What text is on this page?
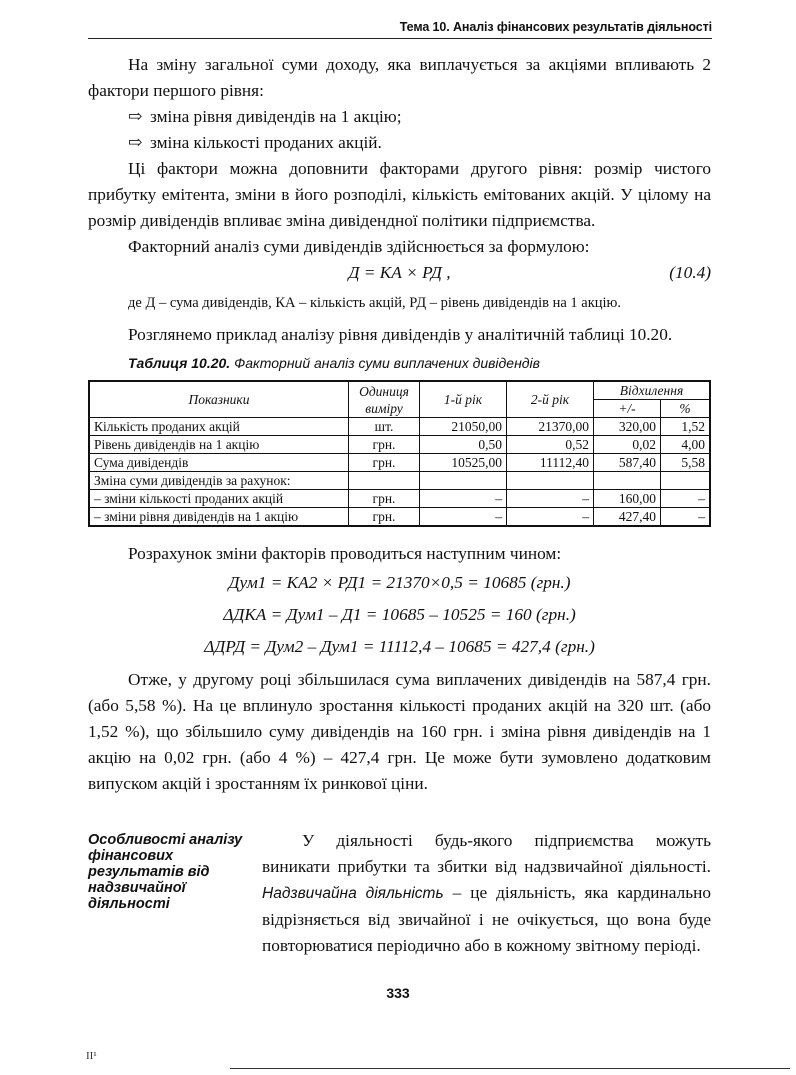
Тема 10. Аналіз фінансових результатів діяльності

На зміну загальної суми доходу, яка виплачується за акціями впливають 2 фактори першого рівня:

⇨ зміна рівня дивідендів на 1 акцію;

⇨ зміна кількості проданих акцій.

Ці фактори можна доповнити факторами другого рівня: розмір чистого прибутку емітента, зміни в його розподілі, кількість емітованих акцій. У цілому на розмір дивідендів впливає зміна дивідендної політики підприємства.

Факторний аналіз суми дивідендів здійснюється за формулою:

Д = КА × РД ,	(10.4)

де Д – сума дивідендів, КА – кількість акцій, РД – рівень дивідендів на 1 акцію.

Розглянемо приклад аналізу рівня дивідендів у аналітичній таблиці 10.20.

Таблиця 10.20. Факторний аналіз суми виплачених дивідендів
Показники	Одиниця виміру	1-й рік	2-й рік	Відхилення	
				+/-	%
Кількість проданих акцій	шт.	21050,00	21370,00	320,00	1,52
Рівень дивідендів на 1 акцію	грн.	0,50	0,52	0,02	4,00
Сума дивідендів	грн.	10525,00	11112,40	587,40	5,58
Зміна суми дивідендів за рахунок:					
– зміни кількості проданих акцій	грн.	–	–	160,00	–
– зміни рівня дивідендів на 1 акцію	грн.	–	–	427,40	–

Розрахунок зміни факторів проводиться наступним чином:

Дум1 = КА2 × РД1 = 21370×0,5 = 10685 (грн.)
ΔДКА = Дум1 – Д1 = 10685 – 10525 = 160 (грн.)
ΔДРД = Дум2 – Дум1 = 11112,4 – 10685 = 427,4 (грн.)

Отже, у другому році збільшилася сума виплачених дивідендів на 587,4 грн. (або 5,58 %). На це вплинуло зростання кількості проданих акцій на 320 шт. (або 1,52 %), що збільшило суму дивідендів на 160 грн. і зміна рівня дивідендів на 1 акцію на 0,02 грн. (або 4 %) – 427,4 грн. Це може бути зумовлено додатковим випуском акцій і зростанням їх ринкової ціни.

Особливості аналізу фінансових результатів від надзвичайної діяльності

У діяльності будь-якого підприємства можуть виникати прибутки та збитки від надзвичайної діяльності. Надзвичайна діяльність – це діяльність, яка кардинально відрізняється від звичайної і не очікується, що вона буде повторюватися періодично або в кожному звітному періоді.

333
ІІ¹
